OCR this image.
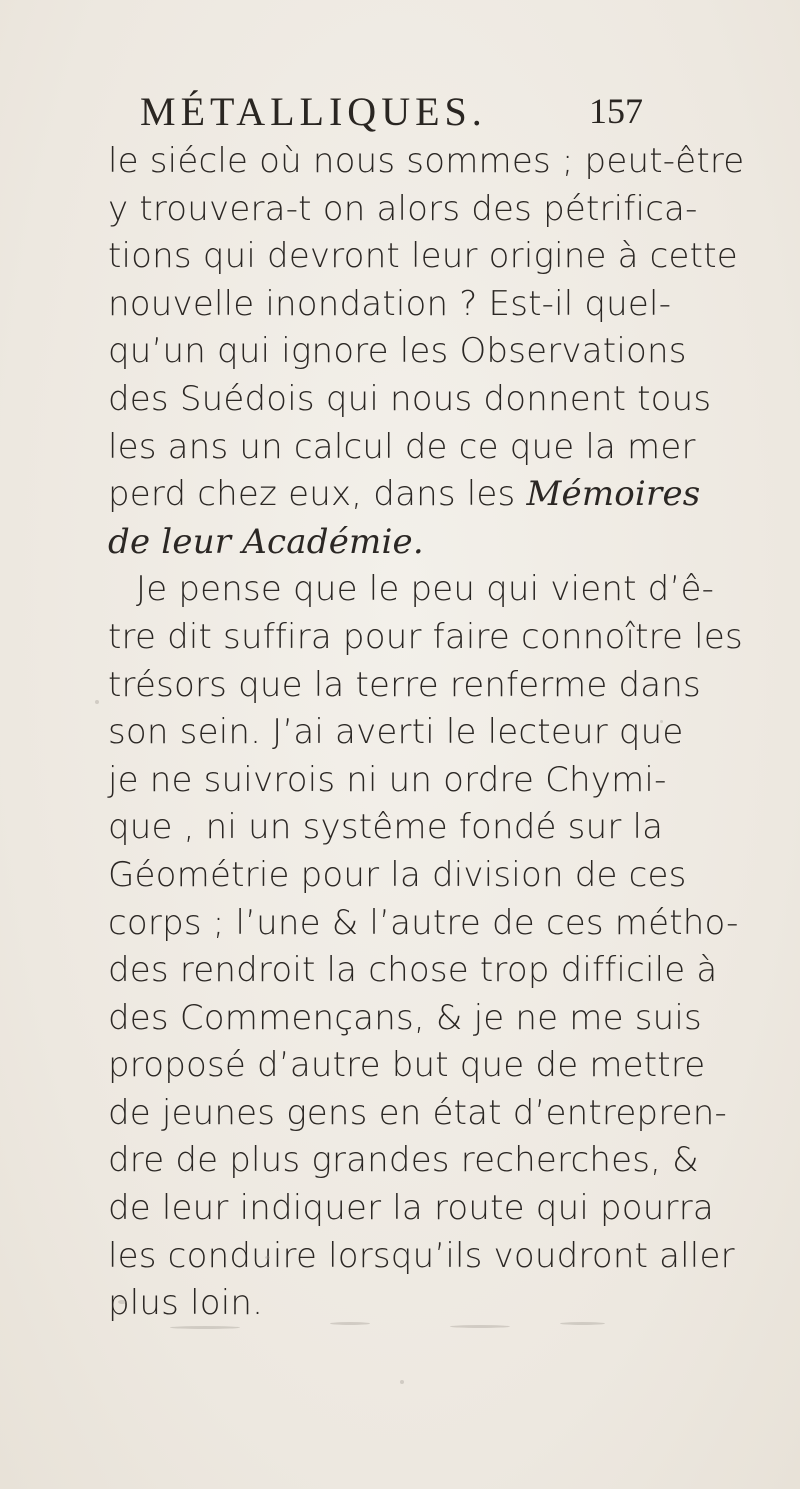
MÉTALLIQUES.	157
le siécle où nous sommes ; peut-être
y trouvera-t on alors des pétrifica-
tions qui devront leur origine à cette
nouvelle inondation ? Est-il quel-
qu’un qui ignore les Observations
des Suédois qui nous donnent tous
les ans un calcul de ce que la mer
perd chez eux, dans les Mémoires
de leur Académie.
Je pense que le peu qui vient d’ê-
tre dit suffira pour faire connoître les
trésors que la terre renferme dans
son sein. J’ai averti le lecteur que
je ne suivrois ni un ordre Chymi-
que , ni un systême fondé sur la
Géométrie pour la division de ces
corps ; l’une & l’autre de ces métho-
des rendroit la chose trop difficile à
des Commençans, & je ne me suis
proposé d’autre but que de mettre
de jeunes gens en état d’entrepren-
dre de plus grandes recherches, &
de leur indiquer la route qui pourra
les conduire lorsqu’ils voudront aller
plus loin.
